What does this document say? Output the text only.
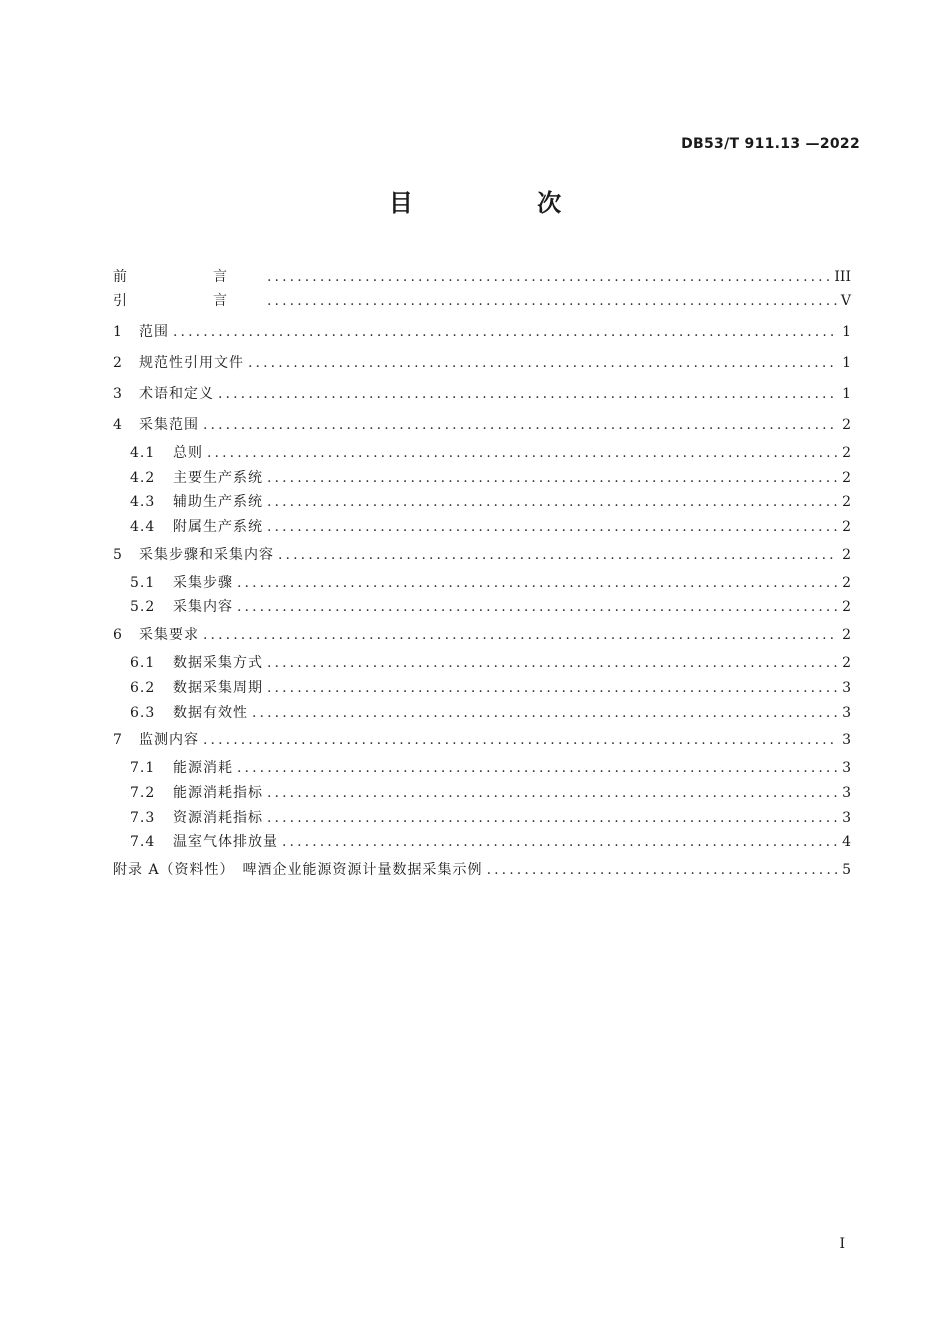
DB53/T 911.13 —2022
目 次
前　言 .....	III
引　言 .....	V
1	范围 .....	1
2	规范性引用文件 .....	1
3	术语和定义 .....	1
4	采集范围 .....	2
4.1	总则 .....	2
4.2	主要生产系统 .....	2
4.3	辅助生产系统 .....	2
4.4	附属生产系统 .....	2
5	采集步骤和采集内容 .....	2
5.1	采集步骤 .....	2
5.2	采集内容 .....	2
6	采集要求 .....	2
6.1	数据采集方式 .....	2
6.2	数据采集周期 .....	3
6.3	数据有效性 .....	3
7	监测内容 .....	3
7.1	能源消耗 .....	3
7.2	能源消耗指标 .....	3
7.3	资源消耗指标 .....	3
7.4	温室气体排放量 .....	4
附录 A（资料性）　啤酒企业能源资源计量数据采集示例 .....	5
I
